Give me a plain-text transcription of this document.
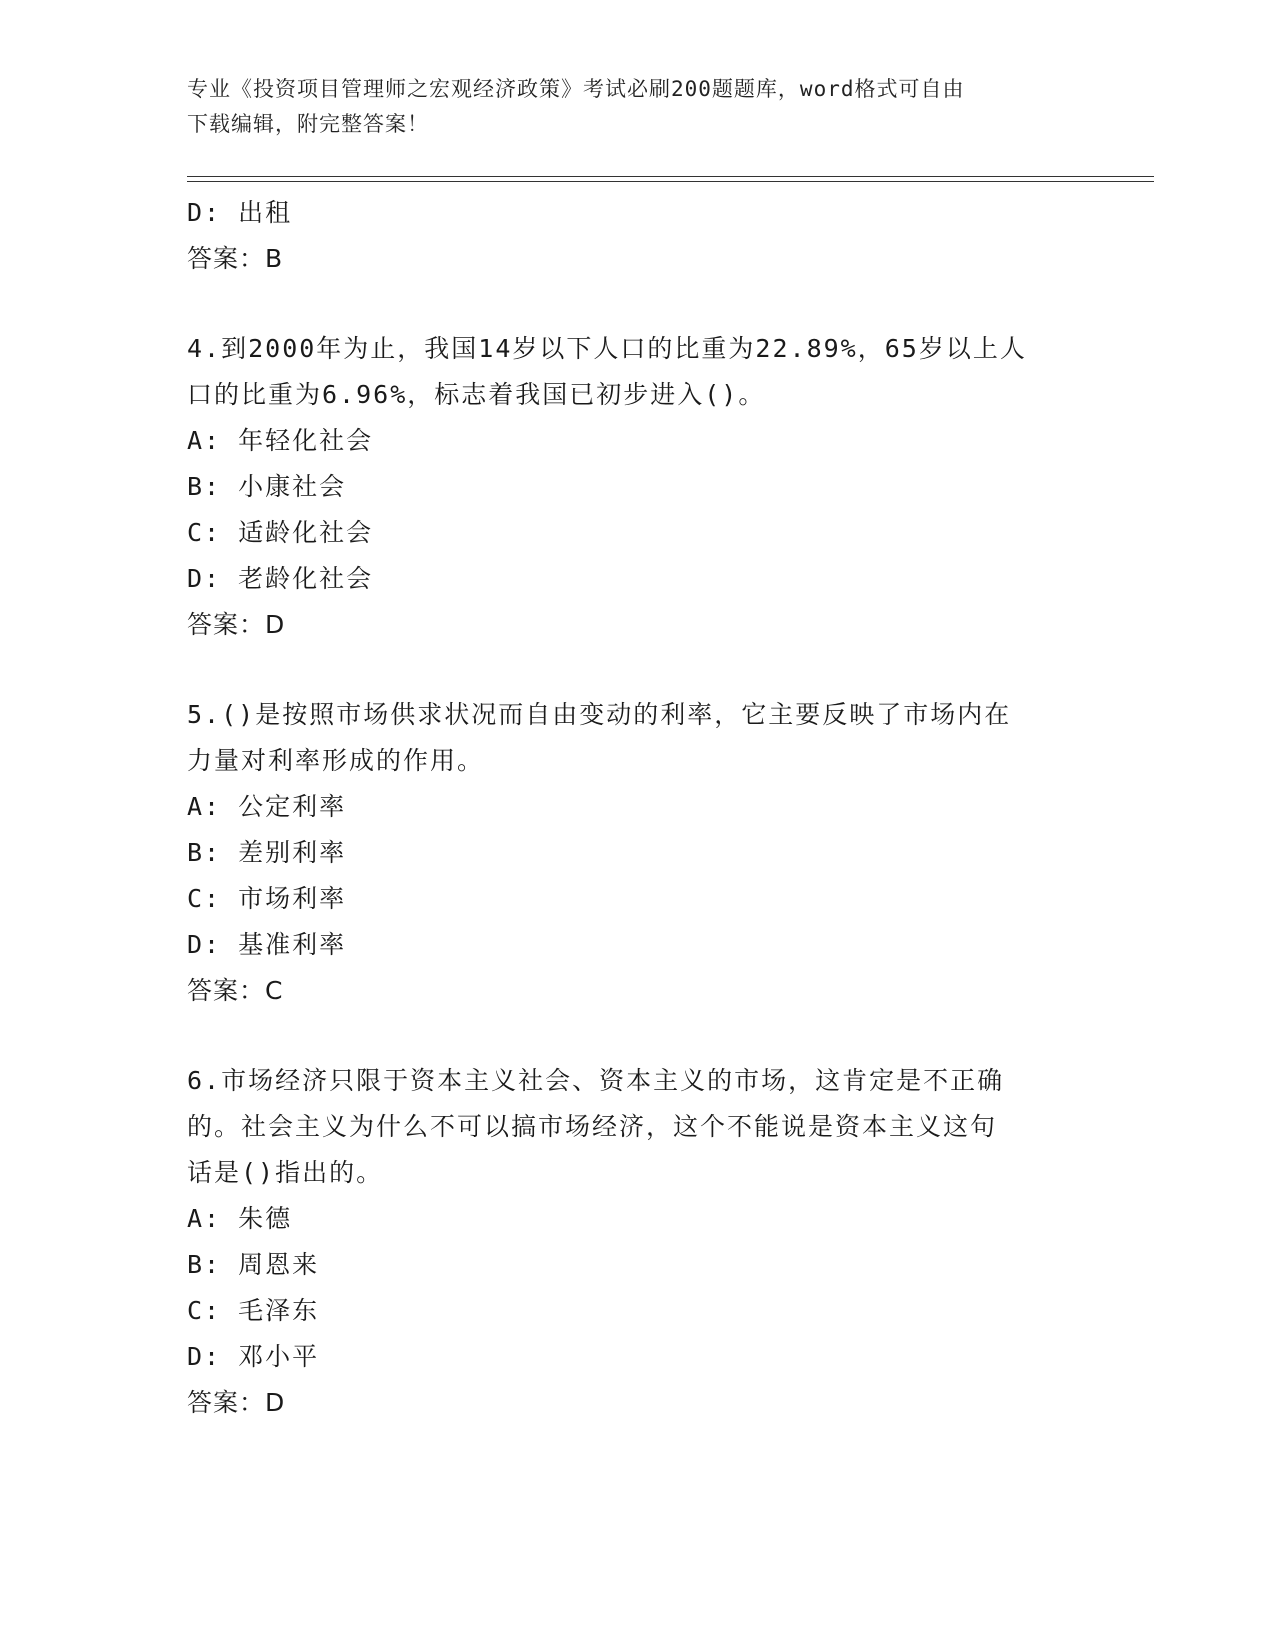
专业《投资项目管理师之宏观经济政策》考试必刷200题题库，word格式可自由
下载编辑，附完整答案！
D: 出租
答案：B
4.到2000年为止，我国14岁以下人口的比重为22.89%，65岁以上人
口的比重为6.96%，标志着我国已初步进入()。
A: 年轻化社会
B: 小康社会
C: 适龄化社会
D: 老龄化社会
答案：D
5.()是按照市场供求状况而自由变动的利率，它主要反映了市场内在
力量对利率形成的作用。
A: 公定利率
B: 差别利率
C: 市场利率
D: 基准利率
答案：C
6.市场经济只限于资本主义社会、资本主义的市场，这肯定是不正确
的。社会主义为什么不可以搞市场经济，这个不能说是资本主义这句
话是()指出的。
A: 朱德
B: 周恩来
C: 毛泽东
D: 邓小平
答案：D
